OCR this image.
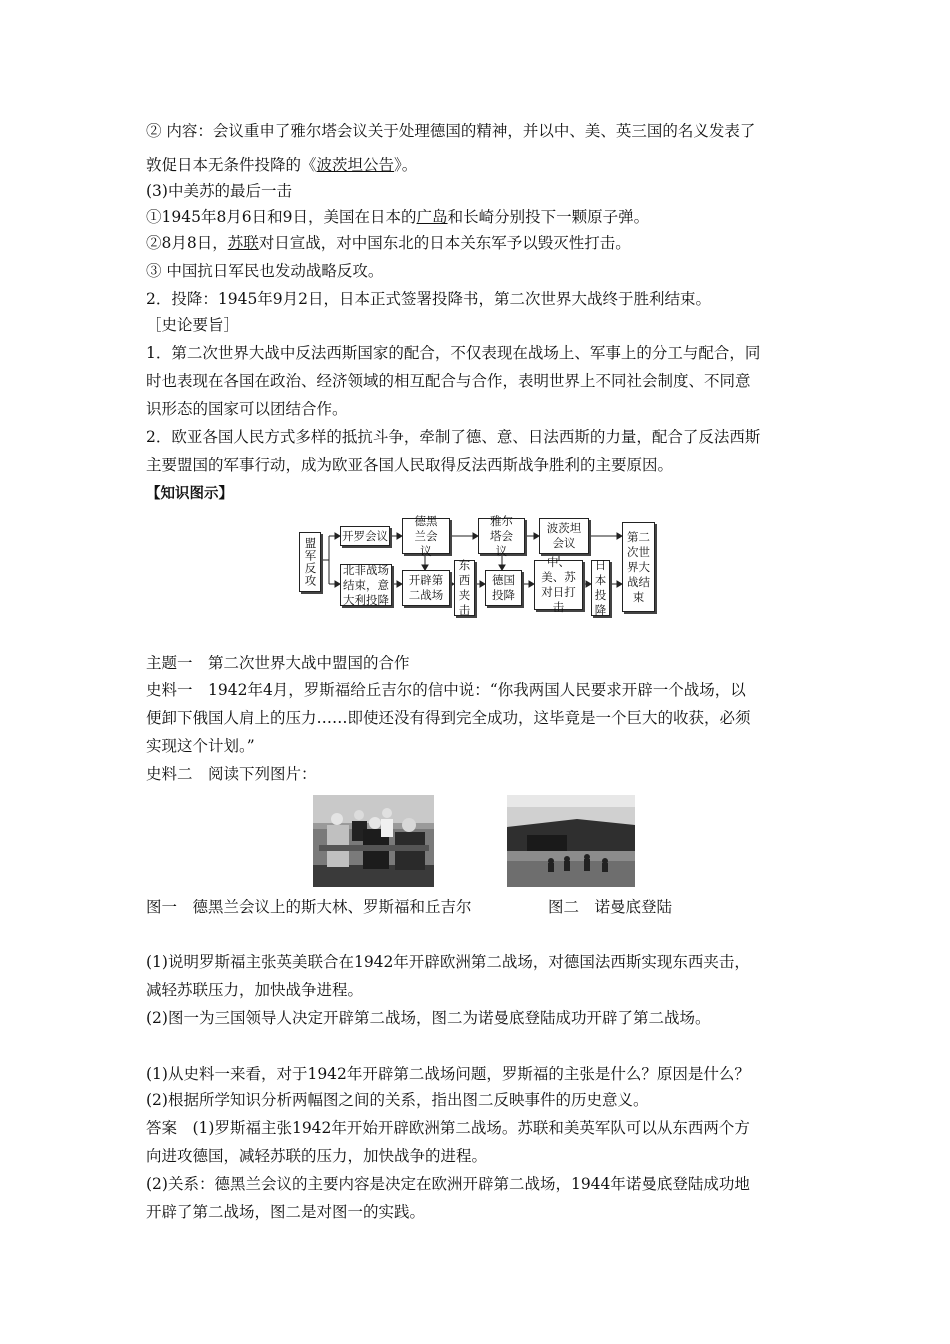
② 内容：会议重申了雅尔塔会议关于处理德国的精神，并以中、美、英三国的名义发表了
敦促日本无条件投降的《波茨坦公告》。
(3)中美苏的最后一击
①1945年8月6日和9日，美国在日本的广岛和长崎分别投下一颗原子弹。
②8月8日，苏联对日宣战，对中国东北的日本关东军予以毁灭性打击。
③ 中国抗日军民也发动战略反攻。
2．投降：1945年9月2日，日本正式签署投降书，第二次世界大战终于胜利结束。
［史论要旨］
1．第二次世界大战中反法西斯国家的配合，不仅表现在战场上、军事上的分工与配合，同
时也表现在各国在政治、经济领域的相互配合与合作，表明世界上不同社会制度、不同意
识形态的国家可以团结合作。
2．欧亚各国人民方式多样的抵抗斗争，牵制了德、意、日法西斯的力量，配合了反法西斯
主要盟国的军事行动，成为欧亚各国人民取得反法西斯战争胜利的主要原因。
【知识图示】
盟军反攻
开罗会议
德黑兰会议
雅尔塔会议
波茨坦会议	第二次世界大战结束
北非战场结束，意大利投降
开辟第二战场
东西夹击
德国投降
中、美、苏对日打击
日本投降
主题一　第二次世界大战中盟国的合作
史料一　1942年4月，罗斯福给丘吉尔的信中说：“你我两国人民要求开辟一个战场，以
便卸下俄国人肩上的压力……即使还没有得到完全成功，这毕竟是一个巨大的收获，必须
实现这个计划。”
史料二　阅读下列图片：
图一　德黑兰会议上的斯大林、罗斯福和丘吉尔	图二　诺曼底登陆
(1)说明罗斯福主张英美联合在1942年开辟欧洲第二战场，对德国法西斯实现东西夹击，
减轻苏联压力，加快战争进程。
(2)图一为三国领导人决定开辟第二战场，图二为诺曼底登陆成功开辟了第二战场。
(1)从史料一来看，对于1942年开辟第二战场问题，罗斯福的主张是什么？原因是什么？
(2)根据所学知识分析两幅图之间的关系，指出图二反映事件的历史意义。
答案　(1)罗斯福主张1942年开始开辟欧洲第二战场。苏联和美英军队可以从东西两个方
向进攻德国，减轻苏联的压力，加快战争的进程。
(2)关系：德黑兰会议的主要内容是决定在欧洲开辟第二战场，1944年诺曼底登陆成功地
开辟了第二战场，图二是对图一的实践。
